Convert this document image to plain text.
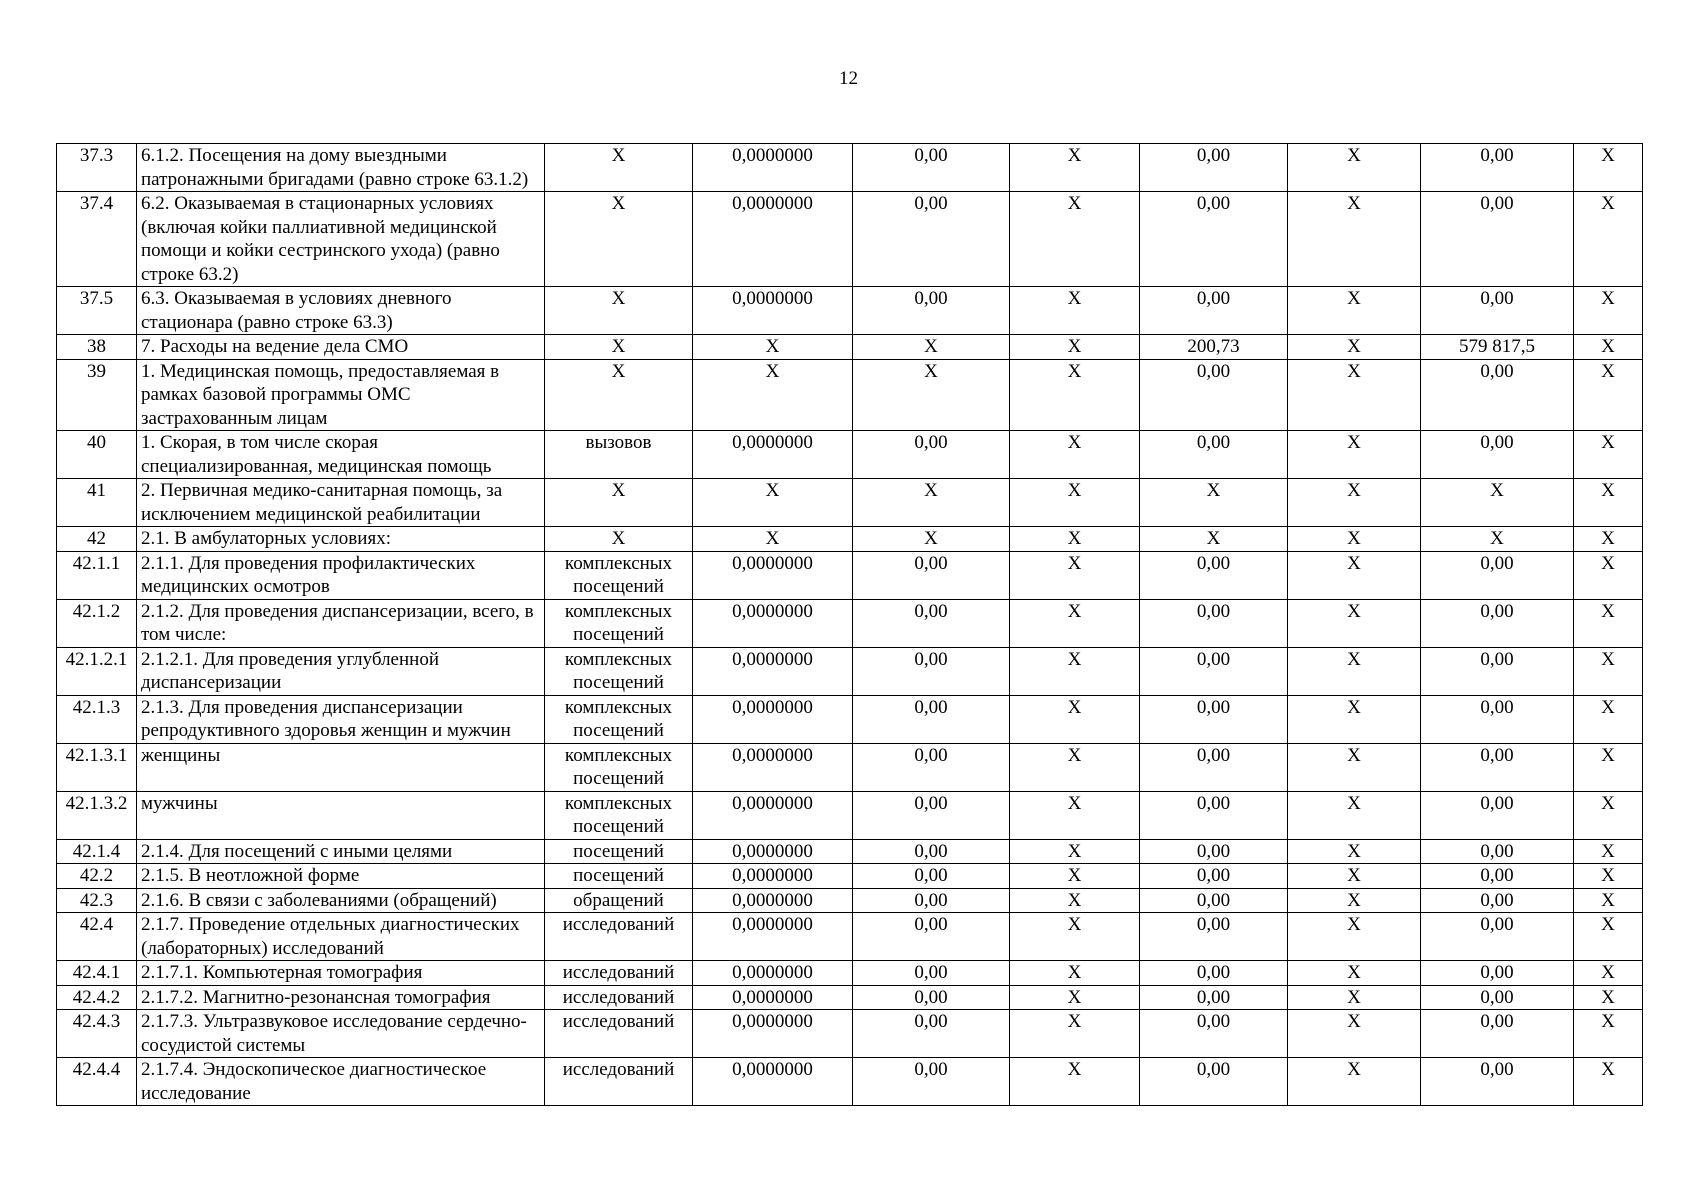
12
37.3	6.1.2. Посещения на дому выездными патронажными бригадами (равно строке 63.1.2)	X	0,0000000	0,00	X	0,00	X	0,00	X
37.4	6.2. Оказываемая в стационарных условиях (включая койки паллиативной медицинской помощи и койки сестринского ухода) (равно строке 63.2)	X	0,0000000	0,00	X	0,00	X	0,00	X
37.5	6.3. Оказываемая в условиях дневного стационара (равно строке 63.3)	X	0,0000000	0,00	X	0,00	X	0,00	X
38	7. Расходы на ведение дела СМО	X	X	X	X	200,73	X	579 817,5	X
39	1. Медицинская помощь, предоставляемая в рамках базовой программы ОМС застрахованным лицам	X	X	X	X	0,00	X	0,00	X
40	1. Скорая, в том числе скорая специализированная, медицинская помощь	вызовов	0,0000000	0,00	X	0,00	X	0,00	X
41	2. Первичная медико-санитарная помощь, за исключением медицинской реабилитации	X	X	X	X	X	X	X	X
42	2.1. В амбулаторных условиях:	X	X	X	X	X	X	X	X
42.1.1	2.1.1. Для проведения профилактических медицинских осмотров	комплексных посещений	0,0000000	0,00	X	0,00	X	0,00	X
42.1.2	2.1.2. Для проведения диспансеризации, всего, в том числе:	комплексных посещений	0,0000000	0,00	X	0,00	X	0,00	X
42.1.2.1	2.1.2.1. Для проведения углубленной диспансеризации	комплексных посещений	0,0000000	0,00	X	0,00	X	0,00	X
42.1.3	2.1.3. Для проведения диспансеризации репродуктивного здоровья женщин и мужчин	комплексных посещений	0,0000000	0,00	X	0,00	X	0,00	X
42.1.3.1	женщины	комплексных посещений	0,0000000	0,00	X	0,00	X	0,00	X
42.1.3.2	мужчины	комплексных посещений	0,0000000	0,00	X	0,00	X	0,00	X
42.1.4	2.1.4. Для посещений с иными целями	посещений	0,0000000	0,00	X	0,00	X	0,00	X
42.2	2.1.5. В неотложной форме	посещений	0,0000000	0,00	X	0,00	X	0,00	X
42.3	2.1.6. В связи с заболеваниями (обращений)	обращений	0,0000000	0,00	X	0,00	X	0,00	X
42.4	2.1.7. Проведение отдельных диагностических (лабораторных) исследований	исследований	0,0000000	0,00	X	0,00	X	0,00	X
42.4.1	2.1.7.1. Компьютерная томография	исследований	0,0000000	0,00	X	0,00	X	0,00	X
42.4.2	2.1.7.2. Магнитно-резонансная томография	исследований	0,0000000	0,00	X	0,00	X	0,00	X
42.4.3	2.1.7.3. Ультразвуковое исследование сердечно-сосудистой системы	исследований	0,0000000	0,00	X	0,00	X	0,00	X
42.4.4	2.1.7.4. Эндоскопическое диагностическое исследование	исследований	0,0000000	0,00	X	0,00	X	0,00	X
